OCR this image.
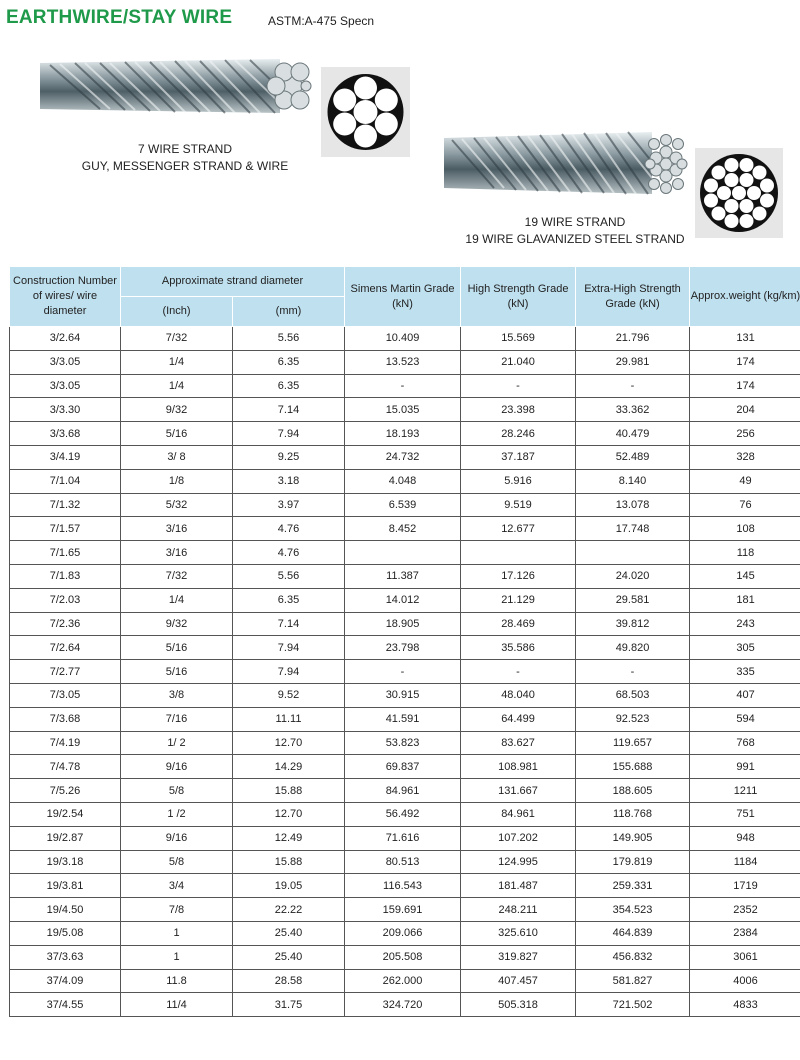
EARTHWIRE/STAY WIRE	ASTM:A-475 Specn
7 WIRE STRAND
GUY, MESSENGER STRAND & WIRE
19 WIRE STRAND
19 WIRE GLAVANIZED STEEL STRAND
Construction Number of wires/ wire diameter	Approximate strand diameter		Simens Martin Grade (kN)	High Strength Grade (kN)	Extra-High Strength Grade (kN)	Approx.weight (kg/km)
	(Inch)	(mm)				
3/2.64	7/32	5.56	10.409	15.569	21.796	131
3/3.05	1/4	6.35	13.523	21.040	29.981	174
3/3.05	1/4	6.35	-	-	-	174
3/3.30	9/32	7.14	15.035	23.398	33.362	204
3/3.68	5/16	7.94	18.193	28.246	40.479	256
3/4.19	3/ 8	9.25	24.732	37.187	52.489	328
7/1.04	1/8	3.18	4.048	5.916	8.140	49
7/1.32	5/32	3.97	6.539	9.519	13.078	76
7/1.57	3/16	4.76	8.452	12.677	17.748	108
7/1.65	3/16	4.76				118
7/1.83	7/32	5.56	11.387	17.126	24.020	145
7/2.03	1/4	6.35	14.012	21.129	29.581	181
7/2.36	9/32	7.14	18.905	28.469	39.812	243
7/2.64	5/16	7.94	23.798	35.586	49.820	305
7/2.77	5/16	7.94	-	-	-	335
7/3.05	3/8	9.52	30.915	48.040	68.503	407
7/3.68	7/16	11.11	41.591	64.499	92.523	594
7/4.19	1/ 2	12.70	53.823	83.627	119.657	768
7/4.78	9/16	14.29	69.837	108.981	155.688	991
7/5.26	5/8	15.88	84.961	131.667	188.605	1211
19/2.54	1 /2	12.70	56.492	84.961	118.768	751
19/2.87	9/16	12.49	71.616	107.202	149.905	948
19/3.18	5/8	15.88	80.513	124.995	179.819	1184
19/3.81	3/4	19.05	116.543	181.487	259.331	1719
19/4.50	7/8	22.22	159.691	248.211	354.523	2352
19/5.08	1	25.40	209.066	325.610	464.839	2384
37/3.63	1	25.40	205.508	319.827	456.832	3061
37/4.09	11.8	28.58	262.000	407.457	581.827	4006
37/4.55	11/4	31.75	324.720	505.318	721.502	4833
